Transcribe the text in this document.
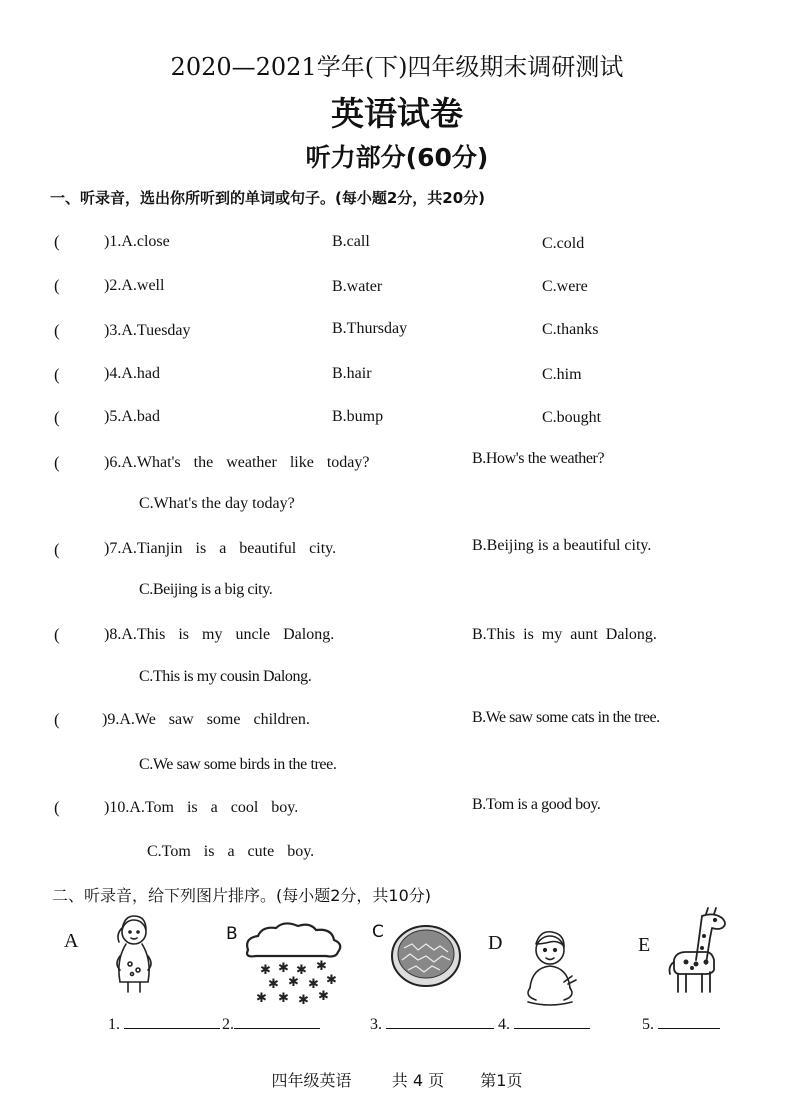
2020—2021学年(下)四年级期末调研测试
英语试卷
听力部分(60分)
一、听录音，选出你所听到的单词或句子。(每小题2分，共20分)
(	)1.A.close	B.call	C.cold
(	)2.A.well	B.water	C.were
(	)3.A.Tuesday	B.Thursday	C.thanks
(	)4.A.had	B.hair	C.him
(	)5.A.bad	B.bump	C.bought
(	)6.A.What's the weather like today?	B.How's the weather?
C.What's the day today?
(	)7.A.Tianjin is a beautiful city.	B.Beijing is a beautiful city.
C.Beijing is a big city.
(	)8.A.This is my uncle Dalong.	B.This is my aunt Dalong.
C.This is my cousin Dalong.
(	)9.A.We saw some children.	B.We saw some cats in the tree.
C.We saw some birds in the tree.
(	)10.A.Tom is a cool boy.	B.Tom is a good boy.
C.Tom is a cute boy.
二、听录音，给下列图片排序。(每小题2分，共10分)
A	B	C	D	E
✱ ✱ ✱ ✱
✱ ✱ ✱ ✱
✱ ✱ ✱ ✱
1.	2.	3.	4.	5.
四年级英语	共 4 页 第1页
